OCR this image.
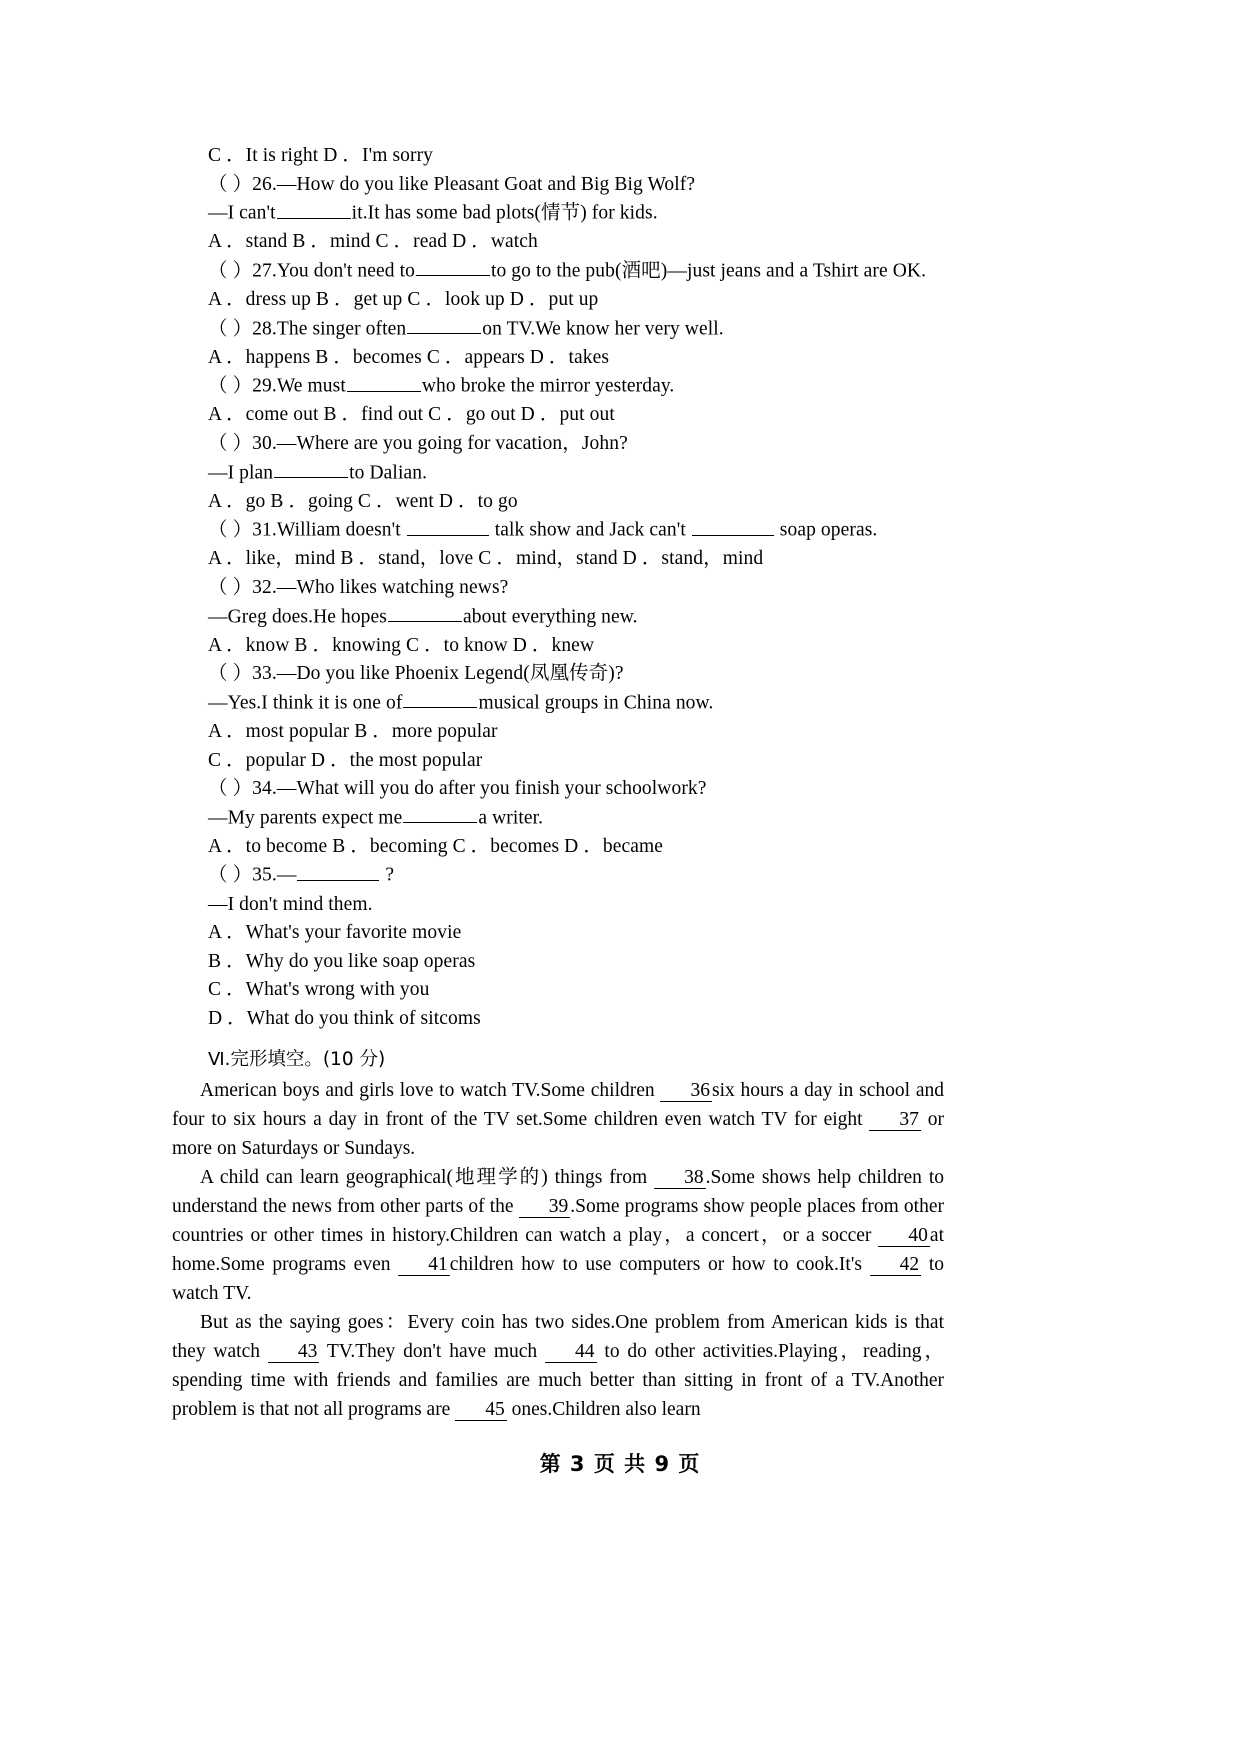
C ．It is right D ．I'm sorry
（ ）26.—How do you like Pleasant Goat and Big Big Wolf?
—I can't	it.It has some bad plots(情节) for kids.
A ．stand B ．mind C ．read D ．watch
（ ）27.You don't need to	to go to the pub(酒吧)—just jeans and a Tshirt are OK.
A ．dress up B ．get up C ．look up D ．put up
（ ）28.The singer often	on TV.We know her very well.
A ．happens B ．becomes C ．appears D ．takes
（ ）29.We must	who broke the mirror yesterday.
A ．come out B ．find out C ．go out D ．put out
（ ）30.—Where are you going for vacation，John?
—I plan	to Dalian.
A ．go B ．going C ．went D ．to go
（ ）31.William doesn't	talk show and Jack can't	soap operas.
A ．like，mind B ．stand，love C ．mind，stand D ．stand，mind
（ ）32.—Who likes watching news?
—Greg does.He hopes	about everything new.
A ．know B ．knowing C ．to know D ．knew
（ ）33.—Do you like Phoenix Legend(凤凰传奇)?
—Yes.I think it is one of	musical groups in China now.
A ．most popular B ．more popular
C ．popular D ．the most popular
（ ）34.—What will you do after you finish your schoolwork?
—My parents expect me	a writer.
A ．to become B ．becoming C ．becomes D ．became
（ ）35.—	?
—I don't mind them.
A ．What's your favorite movie
B ．Why do you like soap operas
C ．What's wrong with you
D ．What do you think of sitcoms
Ⅵ.完形填空。(10 分)

American boys and girls love to watch TV.Some children 36 six hours a day in school and four to six hours a day in front of the TV set.Some children even watch TV for eight 37 or more on Saturdays or Sundays.

A child can learn geographical(地理学的) things from 38 .Some shows help children to understand the news from other parts of the 39 .Some programs show people places from other countries or other times in history.Children can watch a play，a concert，or a soccer 40 at home.Some programs even 41 children how to use computers or how to cook.It's 42 to watch TV.

But as the saying goes：Every coin has two sides.One problem from American kids is that they watch 43 TV.They don't have much 44 to do other activities.Playing，reading，spending time with friends and families are much better than sitting in front of a TV.Another problem is that not all programs are 45 ones.Children also learn

第 3 页 共 9 页
